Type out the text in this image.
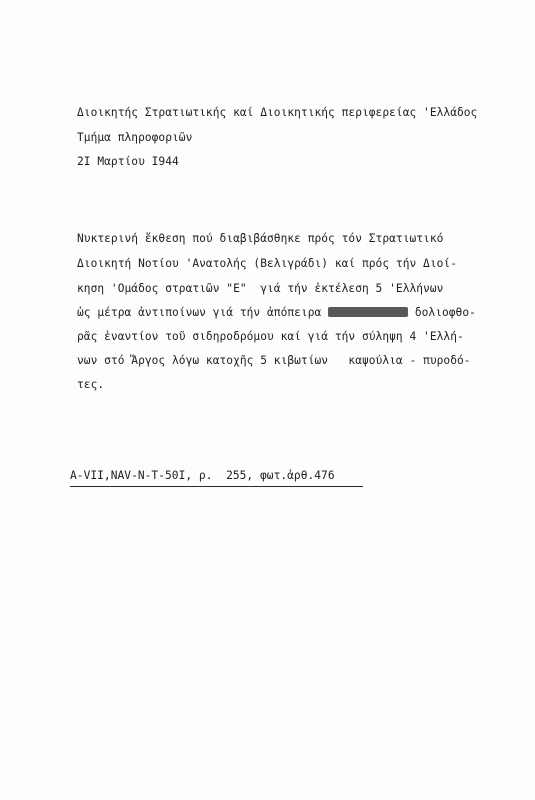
Διοικητής Στρατιωτικής καί Διοικητικής περιφερείας 'Ελλάδος
Τμήμα πληροφοριῶν
2I Μαρτίου I944
Νυκτερινή ἔκθεση πού διαβιβάσθηκε πρός τόν Στρατιωτικό
Διοικητή Νοτίου 'Ανατολής (Βελιγράδι) καί πρός τήν Διοί-
κηση 'Ομάδος στρατιῶν "Ε"  γιά τήν ἐκτέλεση 5 'Ελλήνων
ὡς μέτρα ἀντιποίνων γιά τήν ἀπόπειρα	δολιοφθο-
ρᾶς ἐναντίον τοῦ σιδηροδρόμου καί γιά τήν σύληψη 4 'Ελλή-
νων στό Ἄργος λόγω κατοχῆς 5 κιβωτίων   καψούλια - πυροδό-
τες.
A-VII,NAV-N-T-50I, ρ.  255, φωτ.ἀρθ.476
